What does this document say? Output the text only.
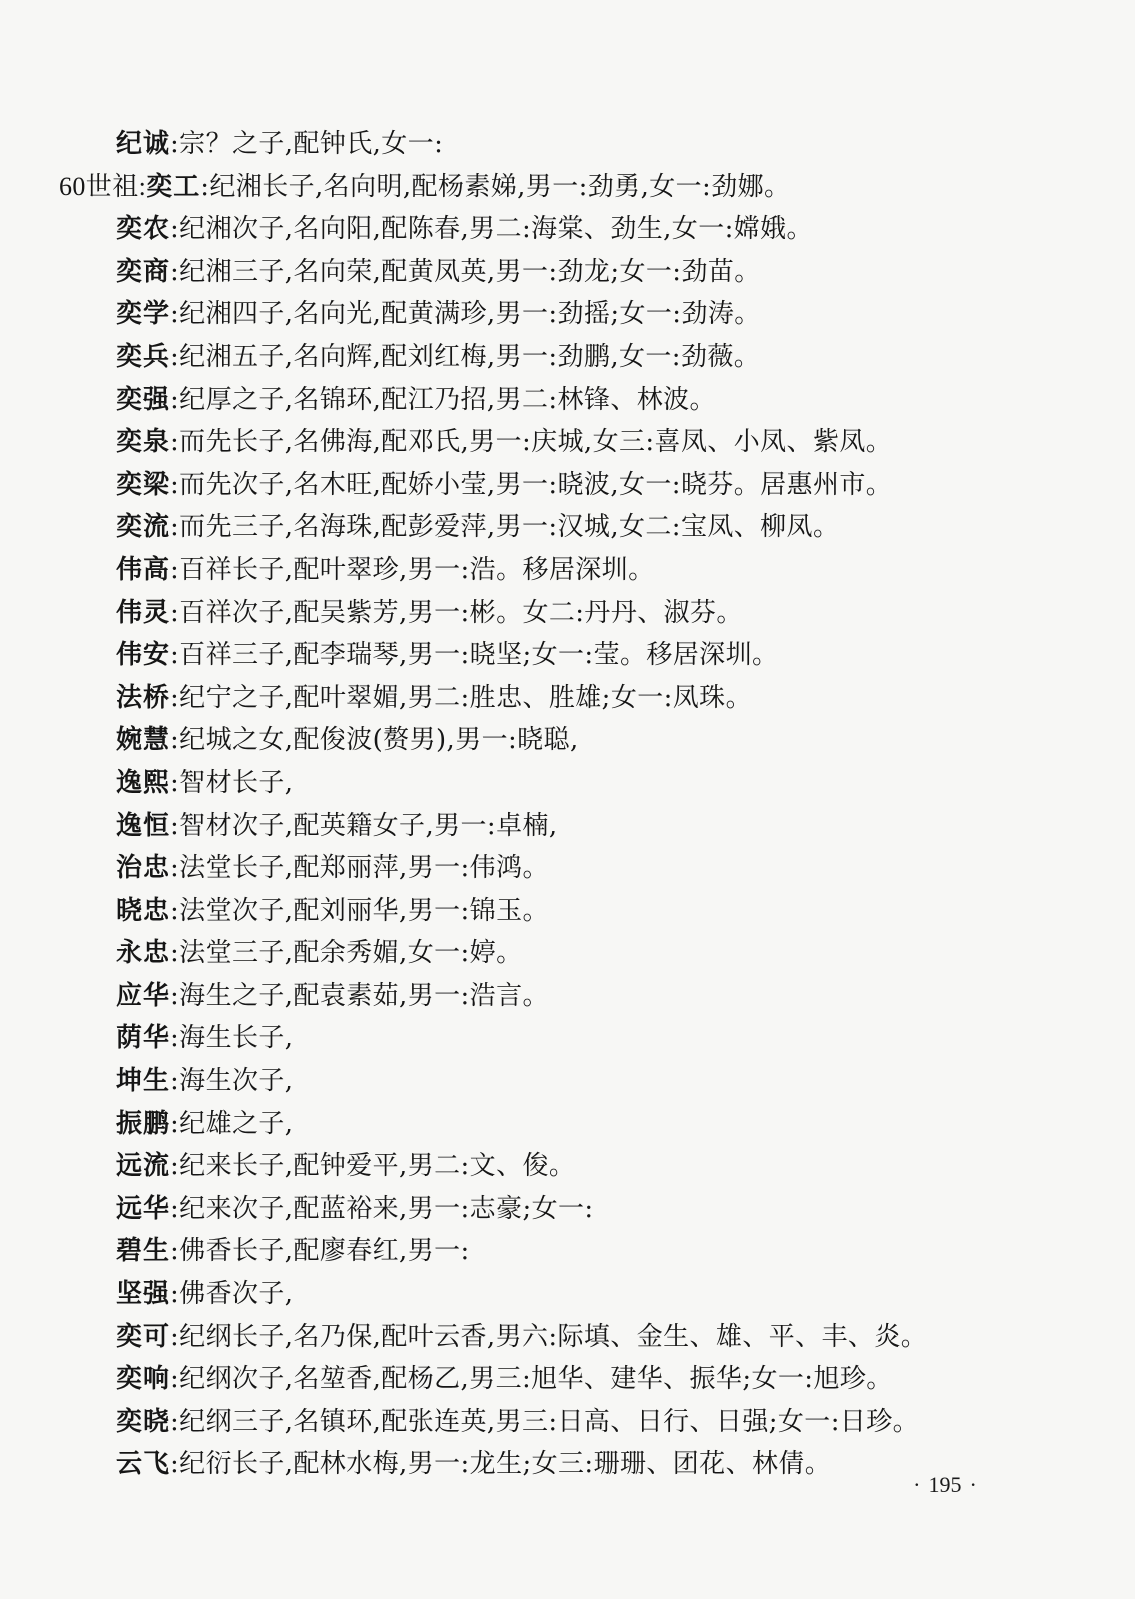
纪诚:宗？之子,配钟氏,女一:
60世祖:奕工:纪湘长子,名向明,配杨素娣,男一:劲勇,女一:劲娜。
奕农:纪湘次子,名向阳,配陈春,男二:海棠、劲生,女一:嫦娥。
奕商:纪湘三子,名向荣,配黄凤英,男一:劲龙;女一:劲苗。
奕学:纪湘四子,名向光,配黄满珍,男一:劲摇;女一:劲涛。
奕兵:纪湘五子,名向辉,配刘红梅,男一:劲鹏,女一:劲薇。
奕强:纪厚之子,名锦环,配江乃招,男二:林锋、林波。
奕泉:而先长子,名佛海,配邓氏,男一:庆城,女三:喜凤、小凤、紫凤。
奕梁:而先次子,名木旺,配娇小莹,男一:晓波,女一:晓芬。居惠州市。
奕流:而先三子,名海珠,配彭爱萍,男一:汉城,女二:宝凤、柳凤。
伟高:百祥长子,配叶翠珍,男一:浩。移居深圳。
伟灵:百祥次子,配吴紫芳,男一:彬。女二:丹丹、淑芬。
伟安:百祥三子,配李瑞琴,男一:晓坚;女一:莹。移居深圳。
法桥:纪宁之子,配叶翠媚,男二:胜忠、胜雄;女一:凤珠。
婉慧:纪城之女,配俊波(赘男),男一:晓聪,
逸熙:智材长子,
逸恒:智材次子,配英籍女子,男一:卓楠,
治忠:法堂长子,配郑丽萍,男一:伟鸿。
晓忠:法堂次子,配刘丽华,男一:锦玉。
永忠:法堂三子,配余秀媚,女一:婷。
应华:海生之子,配袁素茹,男一:浩言。
荫华:海生长子,
坤生:海生次子,
振鹏:纪雄之子,
远流:纪来长子,配钟爱平,男二:文、俊。
远华:纪来次子,配蓝裕来,男一:志豪;女一:
碧生:佛香长子,配廖春红,男一:
坚强:佛香次子,
奕可:纪纲长子,名乃保,配叶云香,男六:际填、金生、雄、平、丰、炎。
奕响:纪纲次子,名堃香,配杨乙,男三:旭华、建华、振华;女一:旭珍。
奕晓:纪纲三子,名镇环,配张连英,男三:日高、日行、日强;女一:日珍。
云飞:纪衍长子,配林水梅,男一:龙生;女三:珊珊、团花、林倩。
· 195 ·
